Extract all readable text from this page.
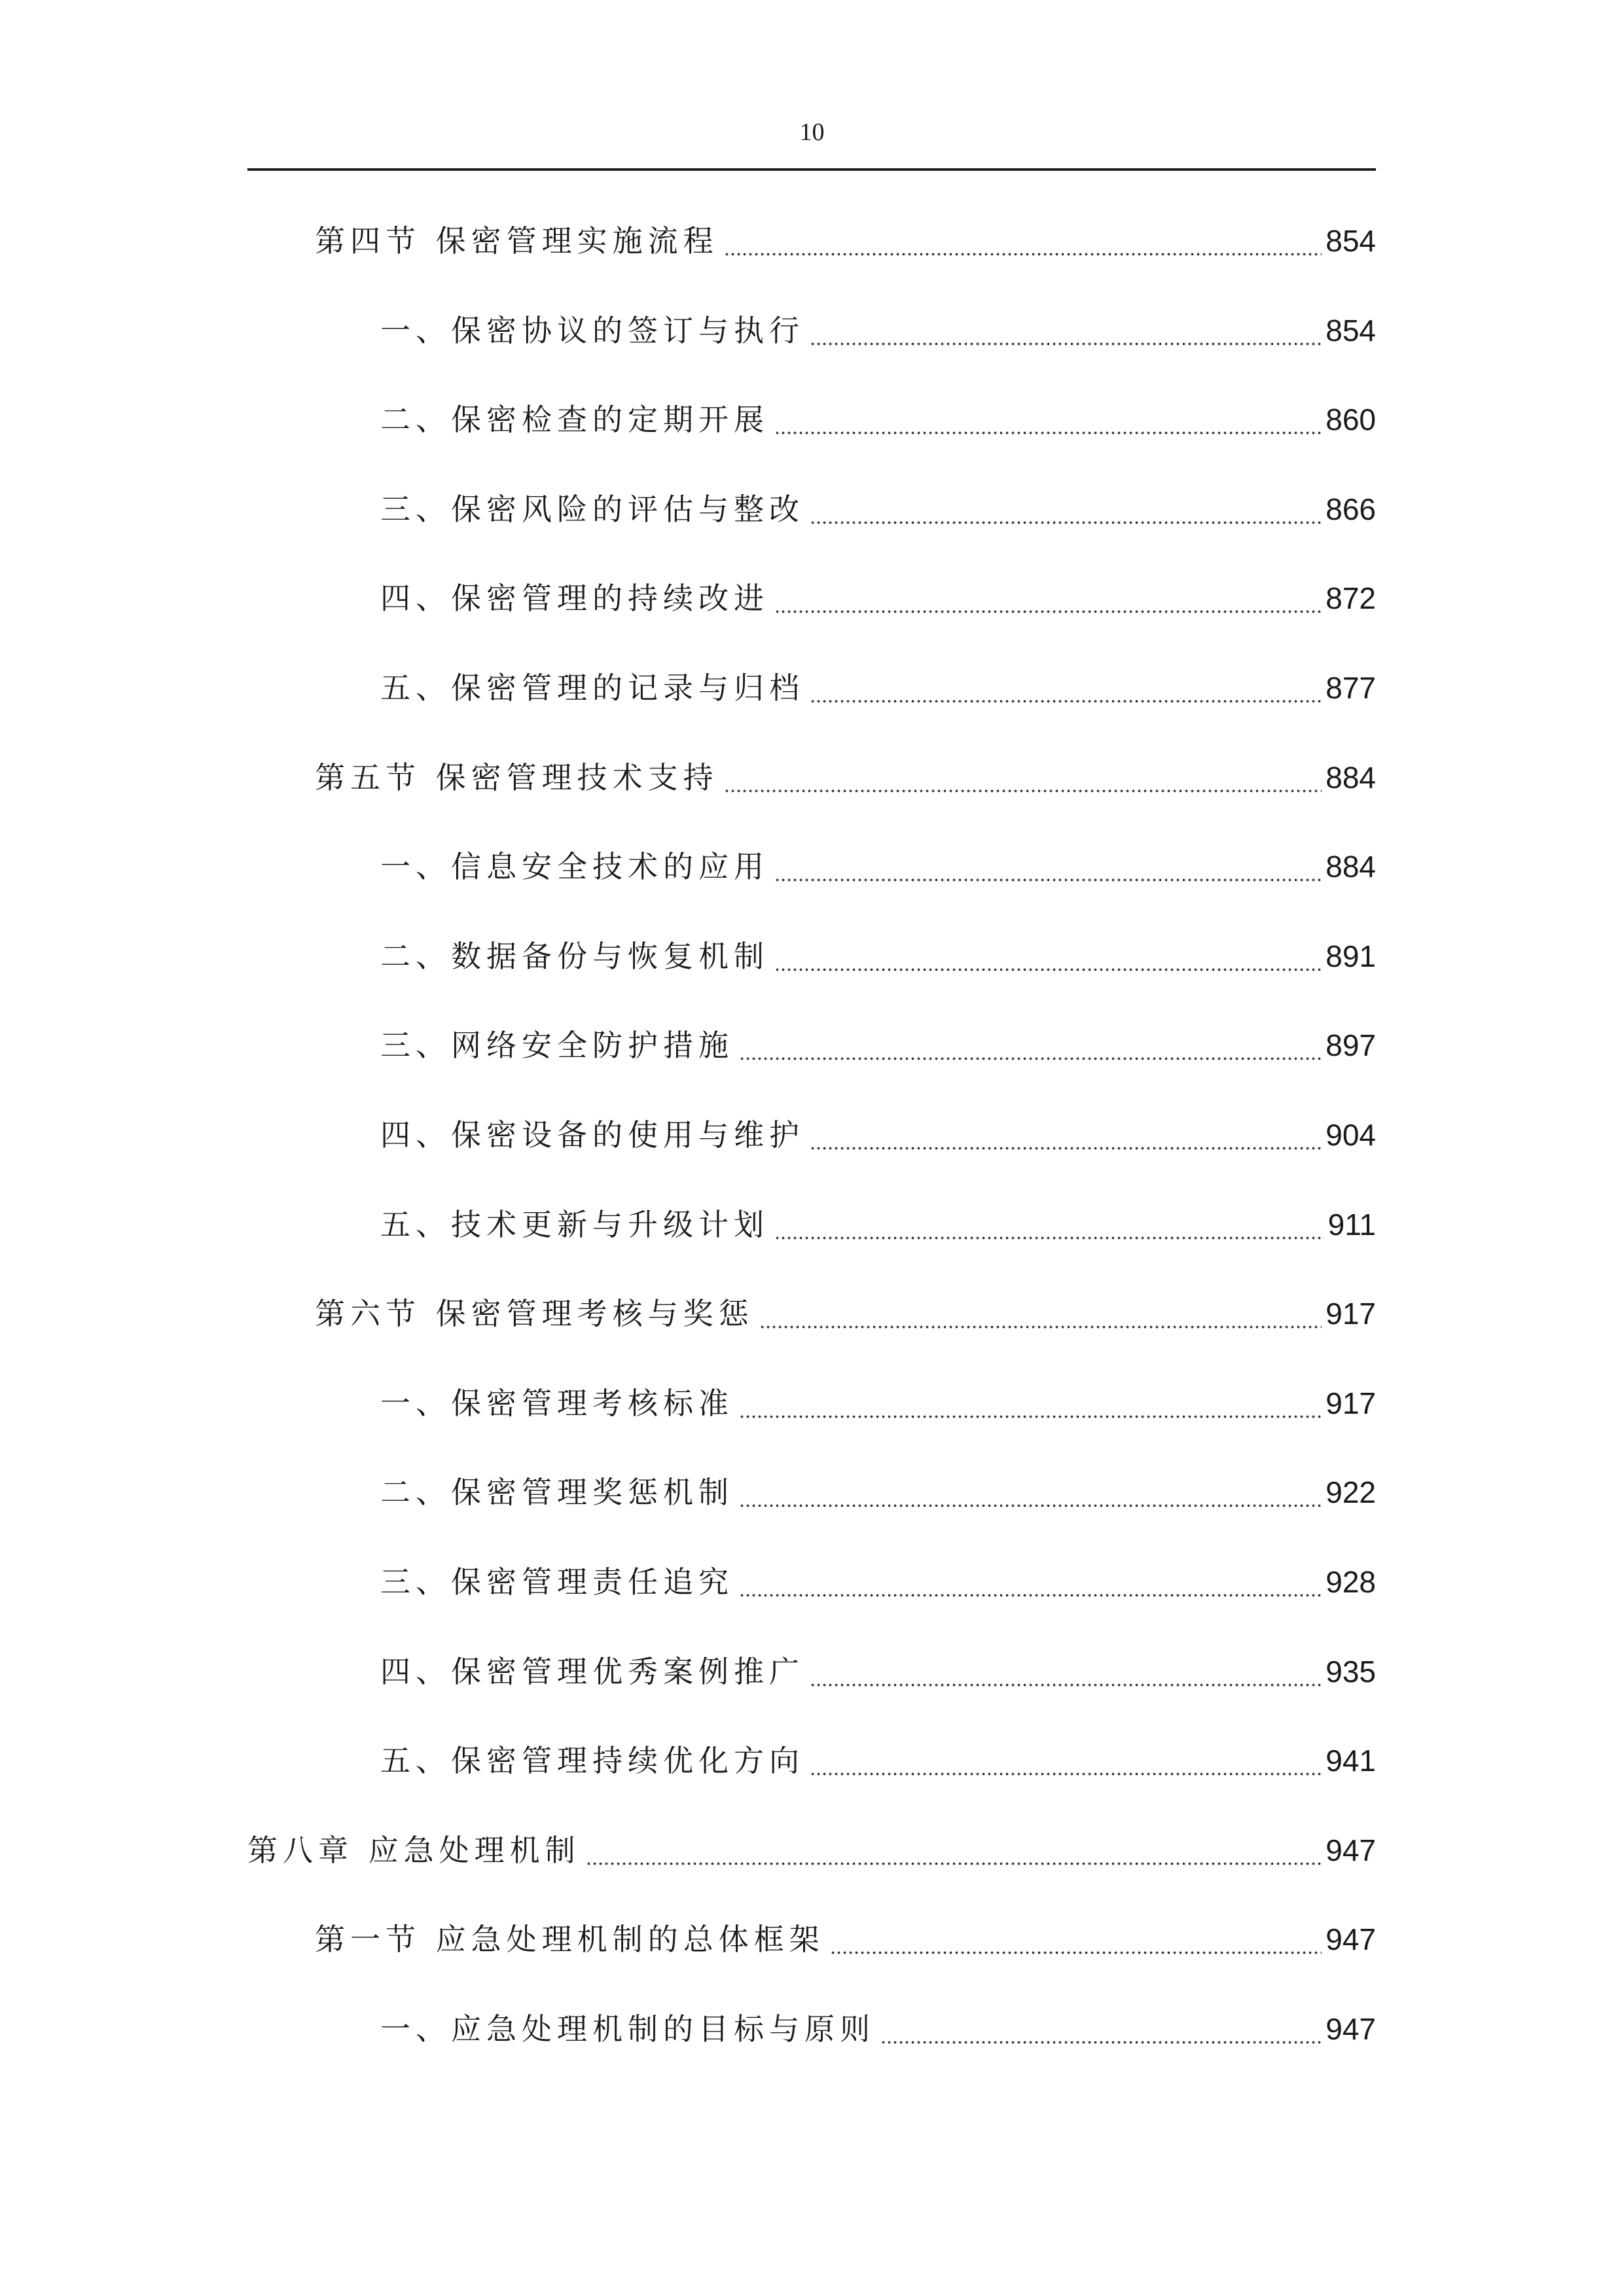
10
第四节 保密管理实施流程	854
一、保密协议的签订与执行	854
二、保密检查的定期开展	860
三、保密风险的评估与整改	866
四、保密管理的持续改进	872
五、保密管理的记录与归档	877
第五节 保密管理技术支持	884
一、信息安全技术的应用	884
二、数据备份与恢复机制	891
三、网络安全防护措施	897
四、保密设备的使用与维护	904
五、技术更新与升级计划	911
第六节 保密管理考核与奖惩	917
一、保密管理考核标准	917
二、保密管理奖惩机制	922
三、保密管理责任追究	928
四、保密管理优秀案例推广	935
五、保密管理持续优化方向	941
第八章 应急处理机制	947
第一节 应急处理机制的总体框架	947
一、应急处理机制的目标与原则	947
